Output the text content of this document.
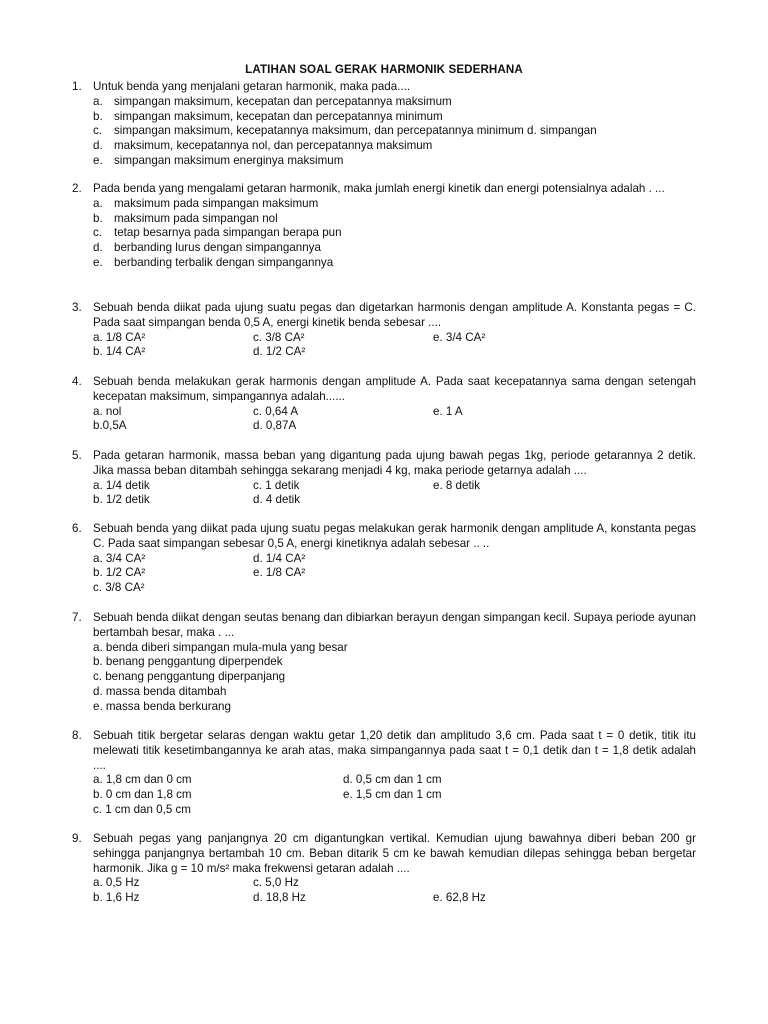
LATIHAN SOAL GERAK HARMONIK SEDERHANA
1. Untuk benda yang menjalani getaran harmonik, maka pada....
a. simpangan maksimum, kecepatan dan percepatannya maksimum
b. simpangan maksimum, kecepatan dan percepatannya minimum
c.	simpangan maksimum, kecepatannya maksimum, dan percepatannya minimum d. simpangan
d. maksimum, kecepatannya nol, dan percepatannya maksimum
e. simpangan maksimum energinya maksimum
2. Pada benda yang mengalami getaran harmonik, maka jumlah energi kinetik dan energi potensialnya adalah . ...
a. maksimum pada simpangan maksimum
b. maksimum pada simpangan nol
c.	tetap besarnya pada simpangan berapa pun
d. berbanding lurus dengan simpangannya
e. berbanding terbalik dengan simpangannya
3. Sebuah benda diikat pada ujung suatu pegas dan digetarkan harmonis dengan amplitude A. Konstanta pegas = C. Pada saat simpangan benda 0,5 A, energi kinetik benda sebesar ....
a. 1/8 CA²	c. 3/8 CA²	e. 3/4 CA²
b. 1/4 CA²	d. 1/2 CA²
4. Sebuah benda melakukan gerak harmonis dengan amplitude A. Pada saat kecepatannya sama dengan setengah kecepatan maksimum, simpangannya adalah......
a. nol	c. 0,64 A	e. 1 A
b.0,5A	d. 0,87A
5. Pada getaran harmonik, massa beban yang digantung pada ujung bawah pegas 1kg, periode getarannya 2 detik. Jika massa beban ditambah sehingga sekarang menjadi 4 kg, maka periode getarnya adalah ....
a. 1/4 detik	c. 1 detik	e. 8 detik
b. 1/2 detik	d. 4 detik
6. Sebuah benda yang diikat pada ujung suatu pegas melakukan gerak harmonik dengan amplitude A, konstanta pegas C. Pada saat simpangan sebesar 0,5 A, energi kinetiknya adalah sebesar .. ..
a. 3/4 CA²	d. 1/4 CA²
b. 1/2 CA²	e. 1/8 CA²
c. 3/8 CA²
7. Sebuah benda diikat dengan seutas benang dan dibiarkan berayun dengan simpangan kecil. Supaya periode ayunan bertambah besar, maka . ...
a. benda diberi simpangan mula-mula yang besar
b. benang penggantung diperpendek
c. benang penggantung diperpanjang
d. massa benda ditambah
e. massa benda berkurang
8. Sebuah titik bergetar selaras dengan waktu getar 1,20 detik dan amplitudo 3,6 cm. Pada saat t = 0 detik, titik itu melewati titik kesetimbangannya ke arah atas, maka simpangannya pada saat t = 0,1 detik dan t = 1,8 detik adalah ....
a. 1,8 cm dan 0 cm	d. 0,5 cm dan 1 cm
b. 0 cm dan 1,8 cm	e. 1,5 cm dan 1 cm
c. 1 cm dan 0,5 cm
9. Sebuah pegas yang panjangnya 20 cm digantungkan vertikal. Kemudian ujung bawahnya diberi beban 200 gr sehingga panjangnya bertambah 10 cm. Beban ditarik 5 cm ke bawah kemudian dilepas sehingga beban bergetar harmonik. Jika g = 10 m/s² maka frekwensi getaran adalah ....
a. 0,5 Hz	c. 5,0 Hz
b. 1,6 Hz	d. 18,8 Hz	e. 62,8 Hz
